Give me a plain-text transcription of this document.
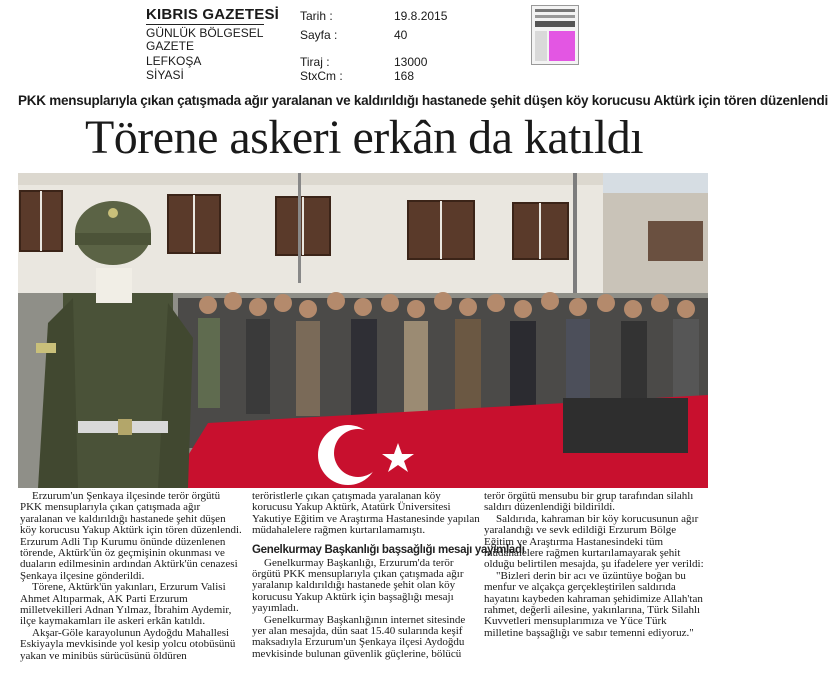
KIBRIS GAZETESİ
GÜNLÜK BÖLGESEL
GAZETE
LEFKOŞA
SİYASİ
Tarih :	19.8.2015
Sayfa :	40
Tiraj :	13000
StxCm :	168
PKK mensuplarıyla çıkan çatışmada ağır yaralanan ve kaldırıldığı hastanede şehit düşen köy korucusu Aktürk için tören düzenlendi
Törene askeri erkân da katıldı

Erzurum'un Şenkaya ilçesinde terör örgütü PKK mensuplarıyla çıkan çatışmada ağır yaralanan ve kaldırıldığı hastanede şehit düşen köy korucusu Yakup Aktürk için tören düzenlendi. Erzurum Adli Tıp Kurumu önünde düzenlenen törende, Aktürk'ün öz geçmişinin okunması ve duaların edilmesinin ardından Aktürk'ün cenazesi Şenkaya ilçesine gönderildi.

Törene, Aktürk'ün yakınları, Erzurum Valisi Ahmet Altıparmak, AK Parti Erzurum milletvekilleri Adnan Yılmaz, İbrahim Aydemir, ilçe kaymakamları ile askeri erkân katıldı.

Akşar-Göle karayolunun Aydoğdu Mahallesi Eskiyayla mevkisinde yol kesip yolcu otobüsünü yakan ve minibüs sürücüsünü öldüren

teröristlerle çıkan çatışmada yaralanan köy korucusu Yakup Aktürk, Atatürk Üniversitesi Yakutiye Eğitim ve Araştırma Hastanesinde yapılan müdahalelere rağmen kurtarılamamıştı.

Genelkurmay Başkanlığı başsağlığı mesajı yayımladı

Genelkurmay Başkanlığı, Erzurum'da terör örgütü PKK mensuplarıyla çıkan çatışmada ağır yaralanıp kaldırıldığı hastanede şehit olan köy korucusu Yakup Aktürk için başsağlığı mesajı yayımladı.

Genelkurmay Başkanlığının internet sitesinde yer alan mesajda, dün saat 15.40 sularında keşif maksadıyla Erzurum'un Şenkaya ilçesi Aydoğdu mevkisinde bulunan güvenlik güçlerine, bölücü

terör örgütü mensubu bir grup tarafından silahlı saldırı düzenlendiği bildirildi.

Saldırıda, kahraman bir köy korucusunun ağır yaralandığı ve sevk edildiği Erzurum Bölge Eğitim ve Araştırma Hastanesindeki tüm müdahalelere rağmen kurtarılamayarak şehit olduğu belirtilen mesajda, şu ifadelere yer verildi:

"Bizleri derin bir acı ve üzüntüye boğan bu menfur ve alçakça gerçekleştirilen saldırıda hayatını kaybeden kahraman şehidimize Allah'tan rahmet, değerli ailesine, yakınlarına, Türk Silahlı Kuvvetleri mensuplarımıza ve Yüce Türk milletine başsağlığı ve sabır temenni ediyoruz."
